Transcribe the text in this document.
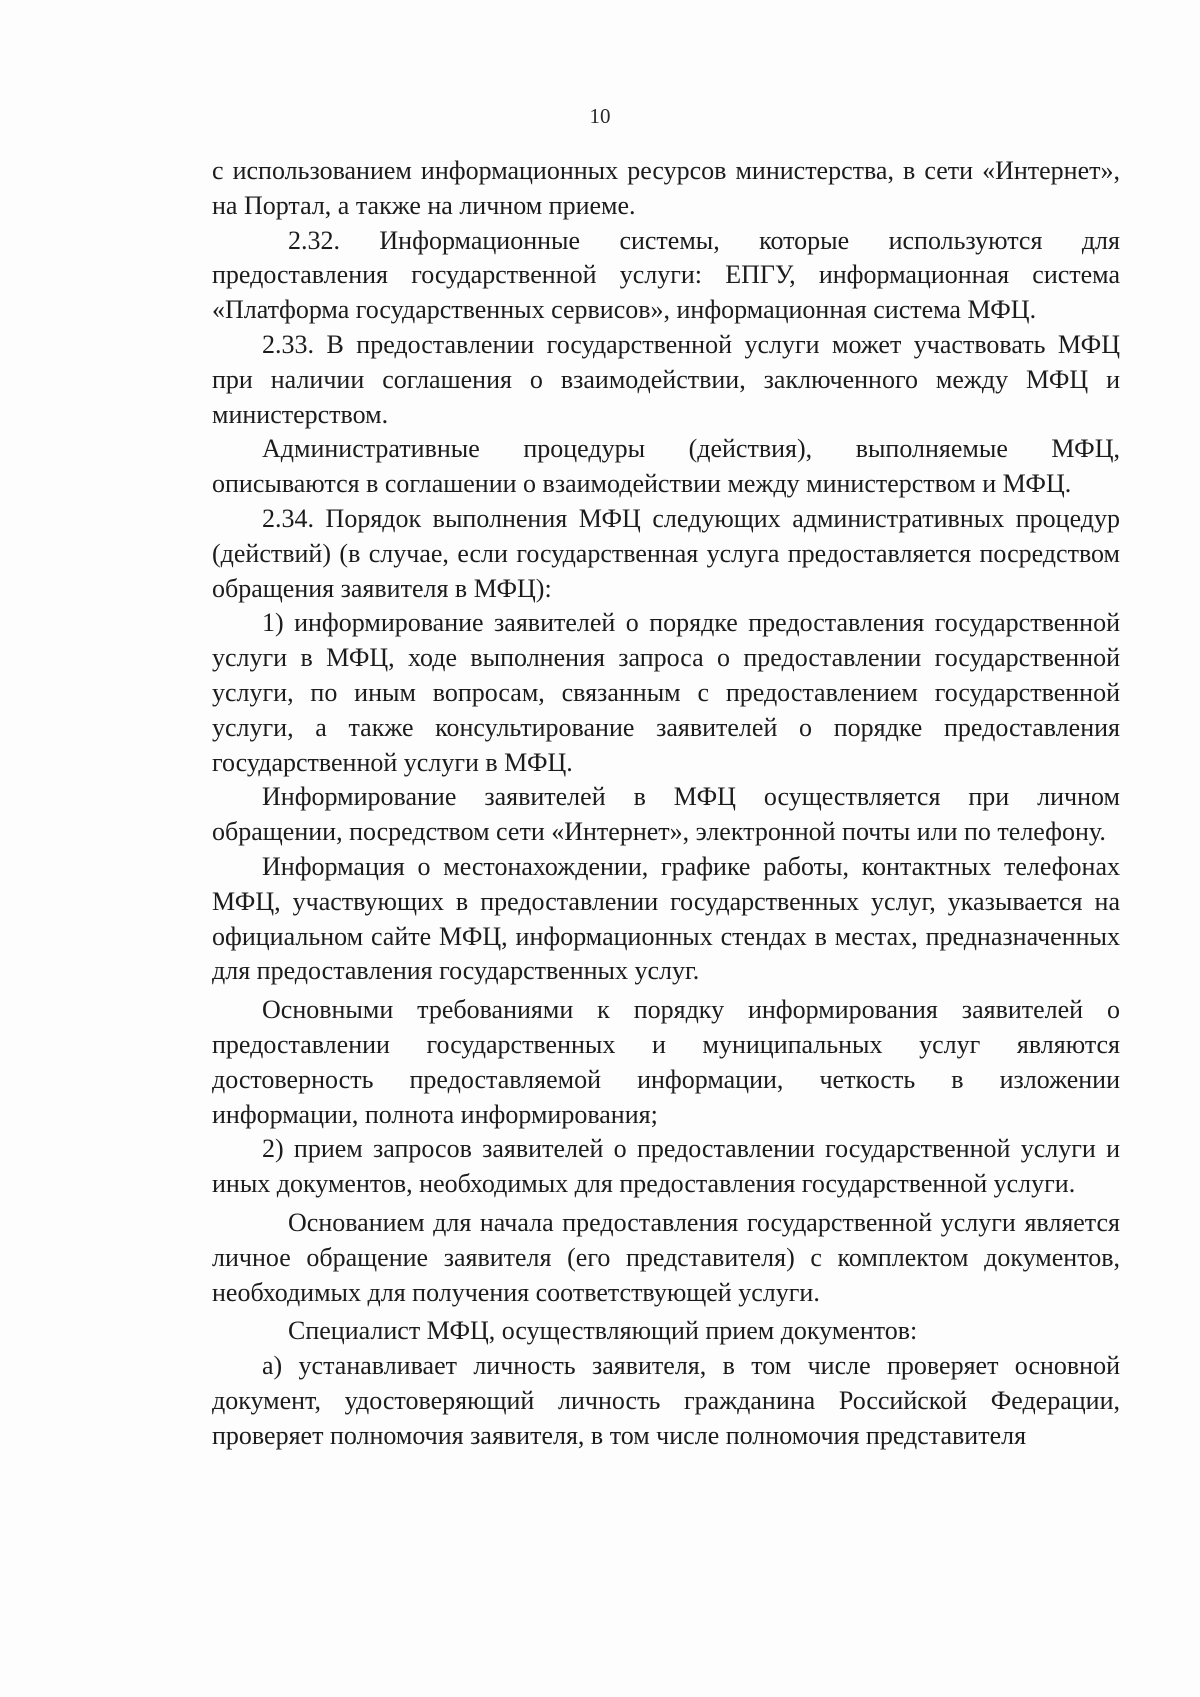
10

с использованием информационных ресурсов министерства, в сети «Интернет», на Портал, а также на личном приеме.

2.32. Информационные системы, которые используются для предоставления государственной услуги: ЕПГУ, информационная система «Платформа государственных сервисов», информационная система МФЦ.

2.33. В предоставлении государственной услуги может участвовать МФЦ при наличии соглашения о взаимодействии, заключенного между МФЦ и министерством.

Административные процедуры (действия), выполняемые МФЦ, описываются в соглашении о взаимодействии между министерством и МФЦ.

2.34. Порядок выполнения МФЦ следующих административных процедур (действий) (в случае, если государственная услуга предоставляется посредством обращения заявителя в МФЦ):

1) информирование заявителей о порядке предоставления государственной услуги в МФЦ, ходе выполнения запроса о предоставлении государственной услуги, по иным вопросам, связанным с предоставлением государственной услуги, а также консультирование заявителей о порядке предоставления государственной услуги в МФЦ.

Информирование заявителей в МФЦ осуществляется при личном обращении, посредством сети «Интернет», электронной почты или по телефону.

Информация о местонахождении, графике работы, контактных телефонах МФЦ, участвующих в предоставлении государственных услуг, указывается на официальном сайте МФЦ, информационных стендах в местах, предназначенных для предоставления государственных услуг.

Основными требованиями к порядку информирования заявителей о предоставлении государственных и муниципальных услуг являются достоверность предоставляемой информации, четкость в изложении информации, полнота информирования;

2) прием запросов заявителей о предоставлении государственной услуги и иных документов, необходимых для предоставления государственной услуги.

Основанием для начала предоставления государственной услуги является личное обращение заявителя (его представителя) с комплектом документов, необходимых для получения соответствующей услуги.

Специалист МФЦ, осуществляющий прием документов:

а) устанавливает личность заявителя, в том числе проверяет основной документ, удостоверяющий личность гражданина Российской Федерации, проверяет полномочия заявителя, в том числе полномочия представителя
